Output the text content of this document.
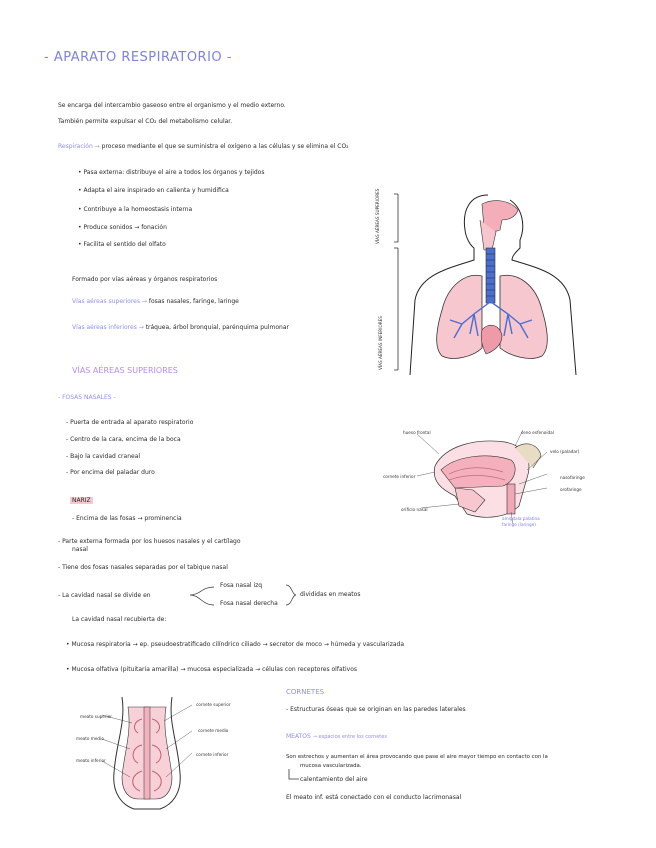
- APARATO RESPIRATORIO -
Se encarga del intercambio gaseoso entre el organismo y el medio externo.
También permite expulsar el CO₂ del metabolismo celular.
Respiración → proceso mediante el que se suministra el oxígeno a las células y se elimina el CO₂
• Pasa externa: distribuye el aire a todos los órganos y tejidos
• Adapta el aire inspirado en calienta y humidifica
• Contribuye a la homeostasis interna
• Produce sonidos → fonación
• Facilita el sentido del olfato
Formado por vías aéreas y órganos respiratorios
Vías aéreas superiores → fosas nasales, faringe, laringe
Vías aéreas inferiores → tráquea, árbol bronquial, parénquima pulmonar
VÍAS AÉREAS SUPERIORES
VÍAS AÉREAS INFERIORES
VÍAS AÉREAS SUPERIORES
- FOSAS NASALES -
- Puerta de entrada al aparato respiratorio
- Centro de la cara, encima de la boca
- Bajo la cavidad craneal
- Por encima del paladar duro
hueso frontal	seno esfenoidal
velo (paladar)
nasofaringe
orofaringe
cornete inferior
orificio nasal
amígdala palatina
faringe (laringe)
NARIZ
- Encima de las fosas → prominencia
- Parte externa formada por los huesos nasales y el cartílago
nasal
- Tiene dos fosas nasales separadas por el tabique nasal
- La cavidad nasal se divide en
Fosa nasal izq
Fosa nasal derecha
divididas en meatos
La cavidad nasal recubierta de:
• Mucosa respiratoria → ep. pseudoestratificado cilíndrico ciliado → secretor de moco → húmeda y vascularizada
• Mucosa olfativa (pituitaria amarilla) → mucosa especializada → células con receptores olfativos
meato superior
meato medio
meato inferior
cornete superior
cornete medio
cornete inferior
CORNETES
- Estructuras óseas que se originan en las paredes laterales
MEATOS → espacios entre los cornetes
Son estrechos y aumentan el área provocando que pase el aire mayor tiempo en contacto con la
mucosa vascularizada.
calentamiento del aire
El meato inf. está conectado con el conducto lacrimonasal
